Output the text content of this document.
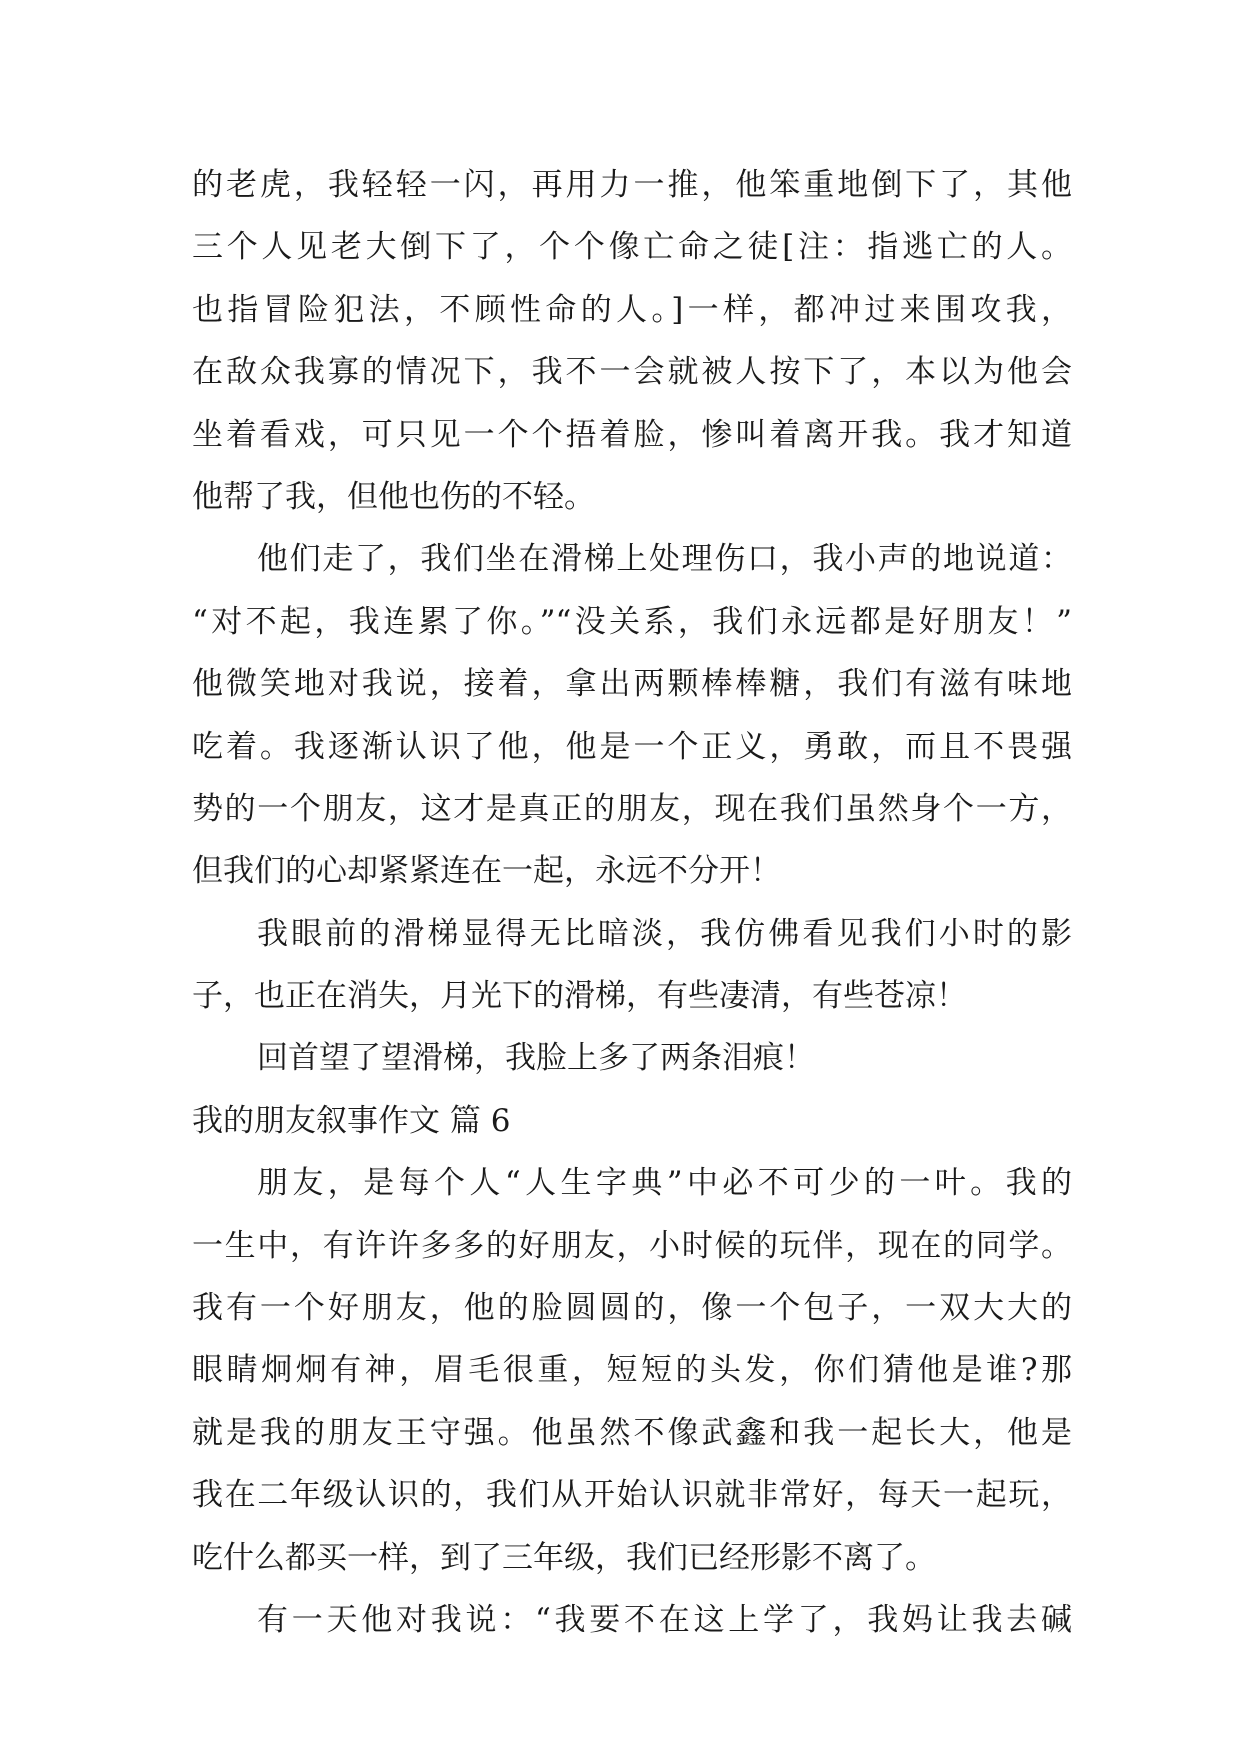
的老虎，我轻轻一闪，再用力一推，他笨重地倒下了，其他
三个人见老大倒下了，个个像亡命之徒[注：指逃亡的人。
也指冒险犯法，不顾性命的人。]一样，都冲过来围攻我，
在敌众我寡的情况下，我不一会就被人按下了，本以为他会
坐着看戏，可只见一个个捂着脸，惨叫着离开我。我才知道
他帮了我，但他也伤的不轻。
他们走了，我们坐在滑梯上处理伤口，我小声的地说道：
“对不起，我连累了你。”“没关系，我们永远都是好朋友！”
他微笑地对我说，接着，拿出两颗棒棒糖，我们有滋有味地
吃着。我逐渐认识了他，他是一个正义，勇敢，而且不畏强
势的一个朋友，这才是真正的朋友，现在我们虽然身个一方，
但我们的心却紧紧连在一起，永远不分开！
我眼前的滑梯显得无比暗淡，我仿佛看见我们小时的影
子，也正在消失，月光下的滑梯，有些凄清，有些苍凉！
回首望了望滑梯，我脸上多了两条泪痕！
我的朋友叙事作文 篇 6
朋友，是每个人“人生字典”中必不可少的一叶。我的
一生中，有许许多多的好朋友，小时候的玩伴，现在的同学。
我有一个好朋友，他的脸圆圆的，像一个包子，一双大大的
眼睛炯炯有神，眉毛很重，短短的头发，你们猜他是谁?那
就是我的朋友王守强。他虽然不像武鑫和我一起长大，他是
我在二年级认识的，我们从开始认识就非常好，每天一起玩，
吃什么都买一样，到了三年级，我们已经形影不离了。
有一天他对我说：“我要不在这上学了，我妈让我去碱
